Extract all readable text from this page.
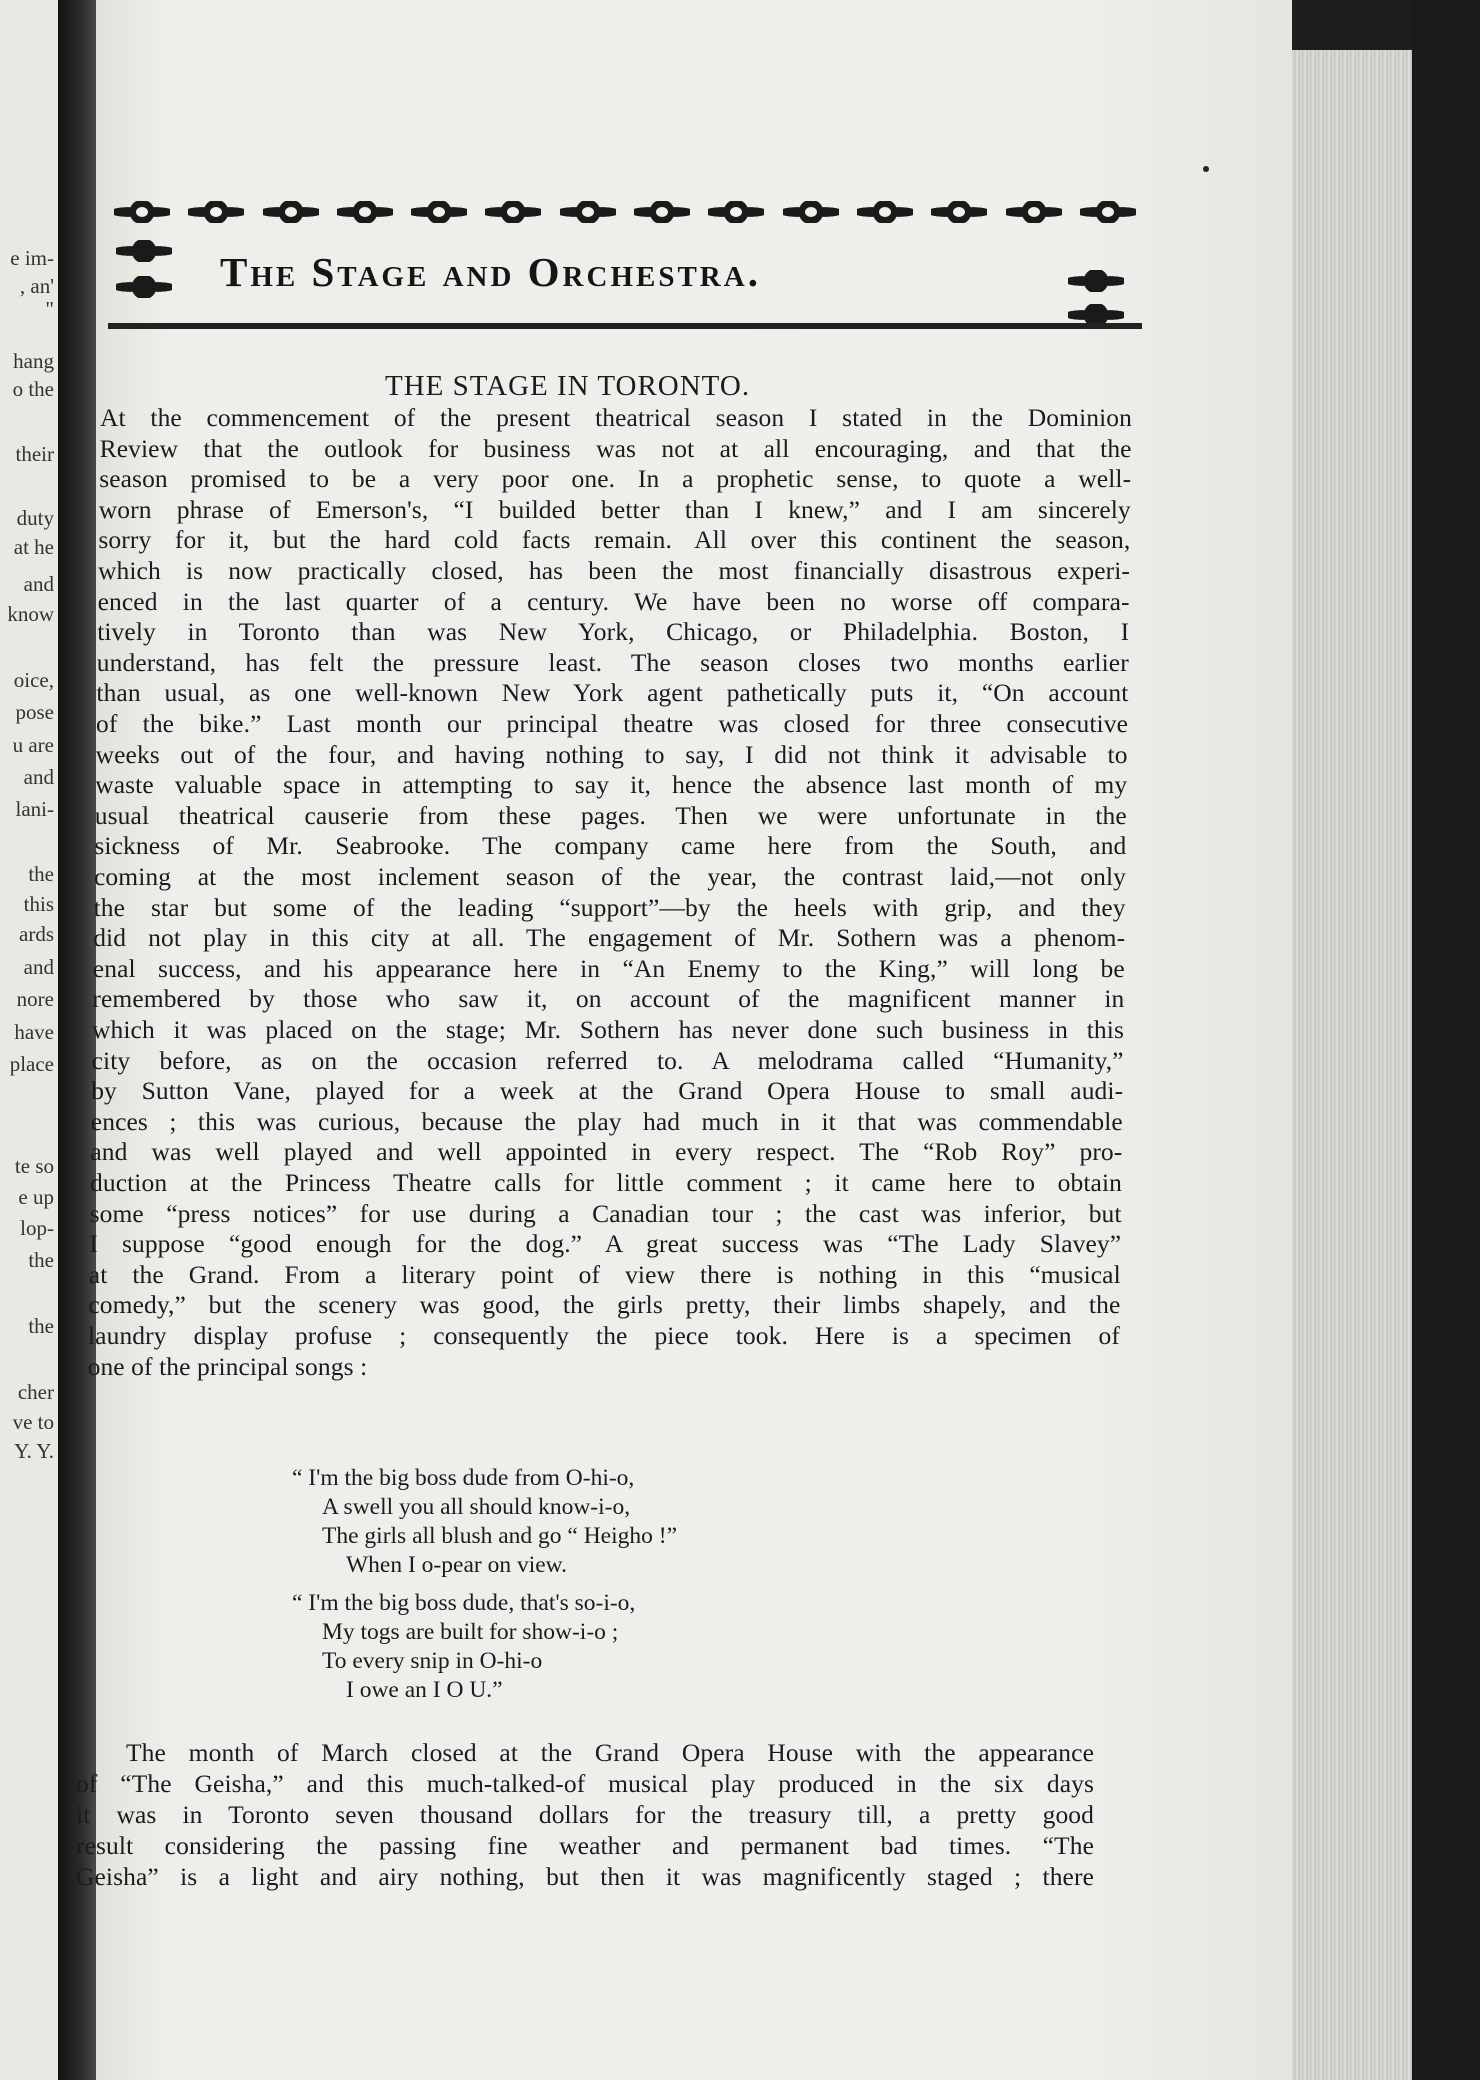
e im-
, an'
"
hang
o the
their
duty
at he
and
know
oice,
pose
u are
and
lani-
the
this
ards
and
nore
have
place
te so
e up
lop-
the
the
cher
ve to
Y. Y.
The Stage and Orchestra.
THE STAGE IN TORONTO.
At the commencement of the present theatrical season I stated in the Dominion
Review that the outlook for business was not at all encouraging, and that the
season promised to be a very poor one. In a prophetic sense, to quote a well-
worn phrase of Emerson's, “I builded better than I knew,” and I am sincerely
sorry for it, but the hard cold facts remain. All over this continent the season,
which is now practically closed, has been the most financially disastrous experi-
enced in the last quarter of a century. We have been no worse off compara-
tively in Toronto than was New York, Chicago, or Philadelphia. Boston, I
understand, has felt the pressure least. The season closes two months earlier
than usual, as one well-known New York agent pathetically puts it, “On account
of the bike.” Last month our principal theatre was closed for three consecutive
weeks out of the four, and having nothing to say, I did not think it advisable to
waste valuable space in attempting to say it, hence the absence last month of my
usual theatrical causerie from these pages. Then we were unfortunate in the
sickness of Mr. Seabrooke. The company came here from the South, and
coming at the most inclement season of the year, the contrast laid,—not only
the star but some of the leading “support”—by the heels with grip, and they
did not play in this city at all. The engagement of Mr. Sothern was a phenom-
enal success, and his appearance here in “An Enemy to the King,” will long be
remembered by those who saw it, on account of the magnificent manner in
which it was placed on the stage; Mr. Sothern has never done such business in this
city before, as on the occasion referred to. A melodrama called “Humanity,”
by Sutton Vane, played for a week at the Grand Opera House to small audi-
ences ; this was curious, because the play had much in it that was commendable
and was well played and well appointed in every respect. The “Rob Roy” pro-
duction at the Princess Theatre calls for little comment ; it came here to obtain
some “press notices” for use during a Canadian tour ; the cast was inferior, but
I suppose “good enough for the dog.” A great success was “The Lady Slavey”
at the Grand. From a literary point of view there is nothing in this “musical
comedy,” but the scenery was good, the girls pretty, their limbs shapely, and the
laundry display profuse ; consequently the piece took. Here is a specimen of
one of the principal songs :
“ I'm the big boss dude from O-hi-o,
A swell you all should know-i-o,
The girls all blush and go “ Heigho !”
When I o-pear on view.
“ I'm the big boss dude, that's so-i-o,
My togs are built for show-i-o ;
To every snip in O-hi-o
I owe an I O U.”
The month of March closed at the Grand Opera House with the appearance
of “The Geisha,” and this much-talked-of musical play produced in the six days
it was in Toronto seven thousand dollars for the treasury till, a pretty good
result considering the passing fine weather and permanent bad times. “The
Geisha” is a light and airy nothing, but then it was magnificently staged ; there
